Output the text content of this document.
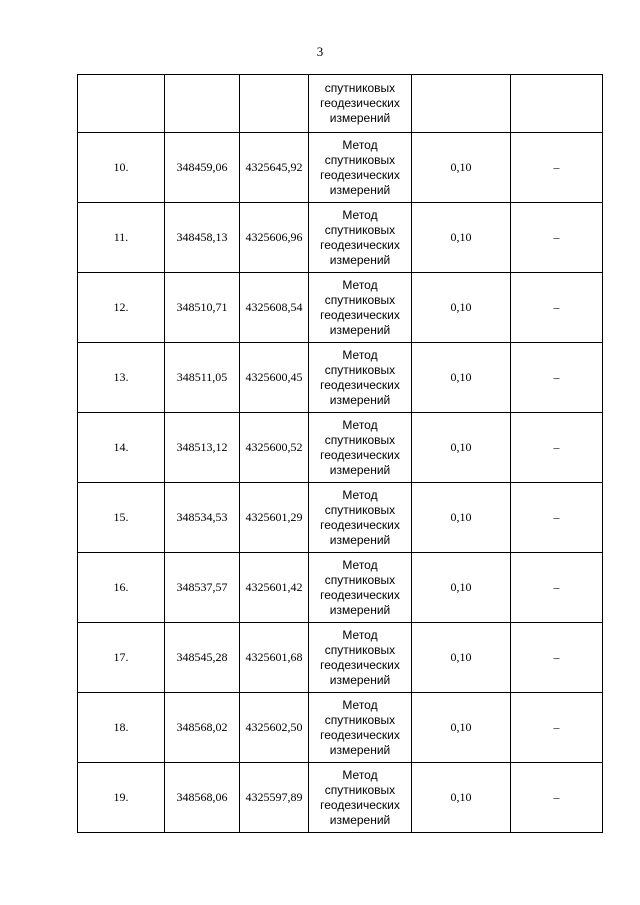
3

			спутниковых
геодезических
измерений		

10.	348459,06	4325645,92	Метод
спутниковых
геодезических
измерений	0,10	–
11.	348458,13	4325606,96	Метод
спутниковых
геодезических
измерений	0,10	–
12.	348510,71	4325608,54	Метод
спутниковых
геодезических
измерений	0,10	–
13.	348511,05	4325600,45	Метод
спутниковых
геодезических
измерений	0,10	–
14.	348513,12	4325600,52	Метод
спутниковых
геодезических
измерений	0,10	–
15.	348534,53	4325601,29	Метод
спутниковых
геодезических
измерений	0,10	–
16.	348537,57	4325601,42	Метод
спутниковых
геодезических
измерений	0,10	–
17.	348545,28	4325601,68	Метод
спутниковых
геодезических
измерений	0,10	–
18.	348568,02	4325602,50	Метод
спутниковых
геодезических
измерений	0,10	–
19.	348568,06	4325597,89	Метод
спутниковых
геодезических
измерений	0,10	–
